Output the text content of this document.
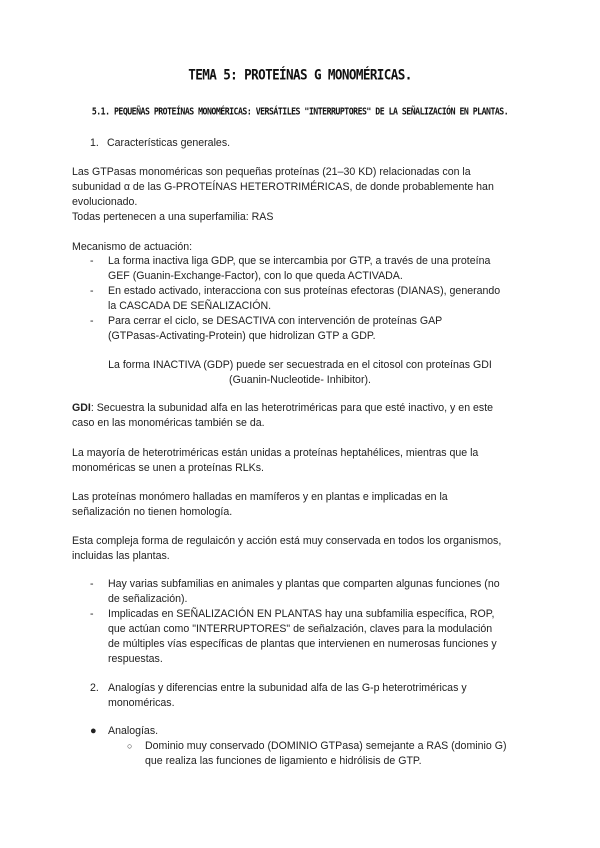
TEMA 5: PROTEÍNAS G MONOMÉRICAS.
5.1. PEQUEÑAS PROTEÍNAS MONOMÉRICAS: VERSÁTILES "INTERRUPTORES" DE LA SEÑALIZACIÓN EN PLANTAS.
1. Características generales.
Las GTPasas monoméricas son pequeñas proteínas (21–30 KD) relacionadas con la
subunidad α de las G-PROTEÍNAS HETEROTRIMÉRICAS, de donde probablemente han
evolucionado.
Todas pertenecen a una superfamilia: RAS
Mecanismo de actuación:
- La forma inactiva liga GDP, que se intercambia por GTP, a través de una proteína
GEF (Guanin-Exchange-Factor), con lo que queda ACTIVADA.
- En estado activado, interacciona con sus proteínas efectoras (DIANAS), generando
la CASCADA DE SEÑALIZACIÓN.
- Para cerrar el ciclo, se DESACTIVA con intervención de proteínas GAP
(GTPasas-Activating-Protein) que hidrolizan GTP a GDP.
La forma INACTIVA (GDP) puede ser secuestrada en el citosol con proteínas GDI
(Guanin-Nucleotide- Inhibitor).
GDI: Secuestra la subunidad alfa en las heterotriméricas para que esté inactivo, y en este
caso en las monoméricas también se da.
La mayoría de heterotriméricas están unidas a proteínas heptahélices, mientras que la
monoméricas se unen a proteínas RLKs.
Las proteínas monómero halladas en mamíferos y en plantas e implicadas en la
señalización no tienen homología.
Esta compleja forma de regulaicón y acción está muy conservada en todos los organismos,
incluidas las plantas.
- Hay varias subfamilias en animales y plantas que comparten algunas funciones (no
de señalización).
- Implicadas en SEÑALIZACIÓN EN PLANTAS hay una subfamilia específica, ROP,
que actúan como "INTERRUPTORES" de señalzación, claves para la modulación
de múltiples vías específicas de plantas que intervienen en numerosas funciones y
respuestas.
2. Analogías y diferencias entre la subunidad alfa de las G-p heterotriméricas y
monoméricas.
● Analogías.
○ Dominio muy conservado (DOMINIO GTPasa) semejante a RAS (dominio G)
que realiza las funciones de ligamiento e hidrólisis de GTP.
